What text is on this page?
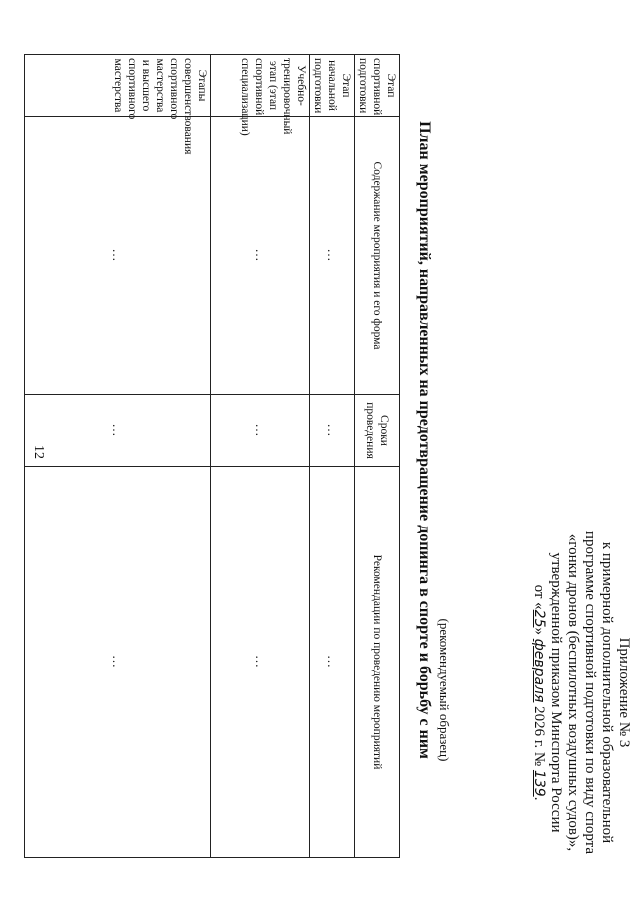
12
Приложение № 3
к примерной дополнительной образовательной
программе спортивной подготовки по виду спорта
«гонки дронов (беспилотных воздушных судов)»,
утвержденной приказом Минспорта России
от «25» февраля 2026 г. № 139.
(рекомендуемый образец)
План мероприятий, направленных на предотвращение допинга в спорте и борьбу с ним
Этап спортивной подготовки	Содержание мероприятия и его форма	Сроки проведения	Рекомендации по проведению мероприятий
Этап начальной подготовки	…	…	…
Учебно-тренировочный этап (этап спортивной специализации)	…	…	…
Этапы совершенствования спортивного мастерства и высшего спортивного мастерства	…	…	…
